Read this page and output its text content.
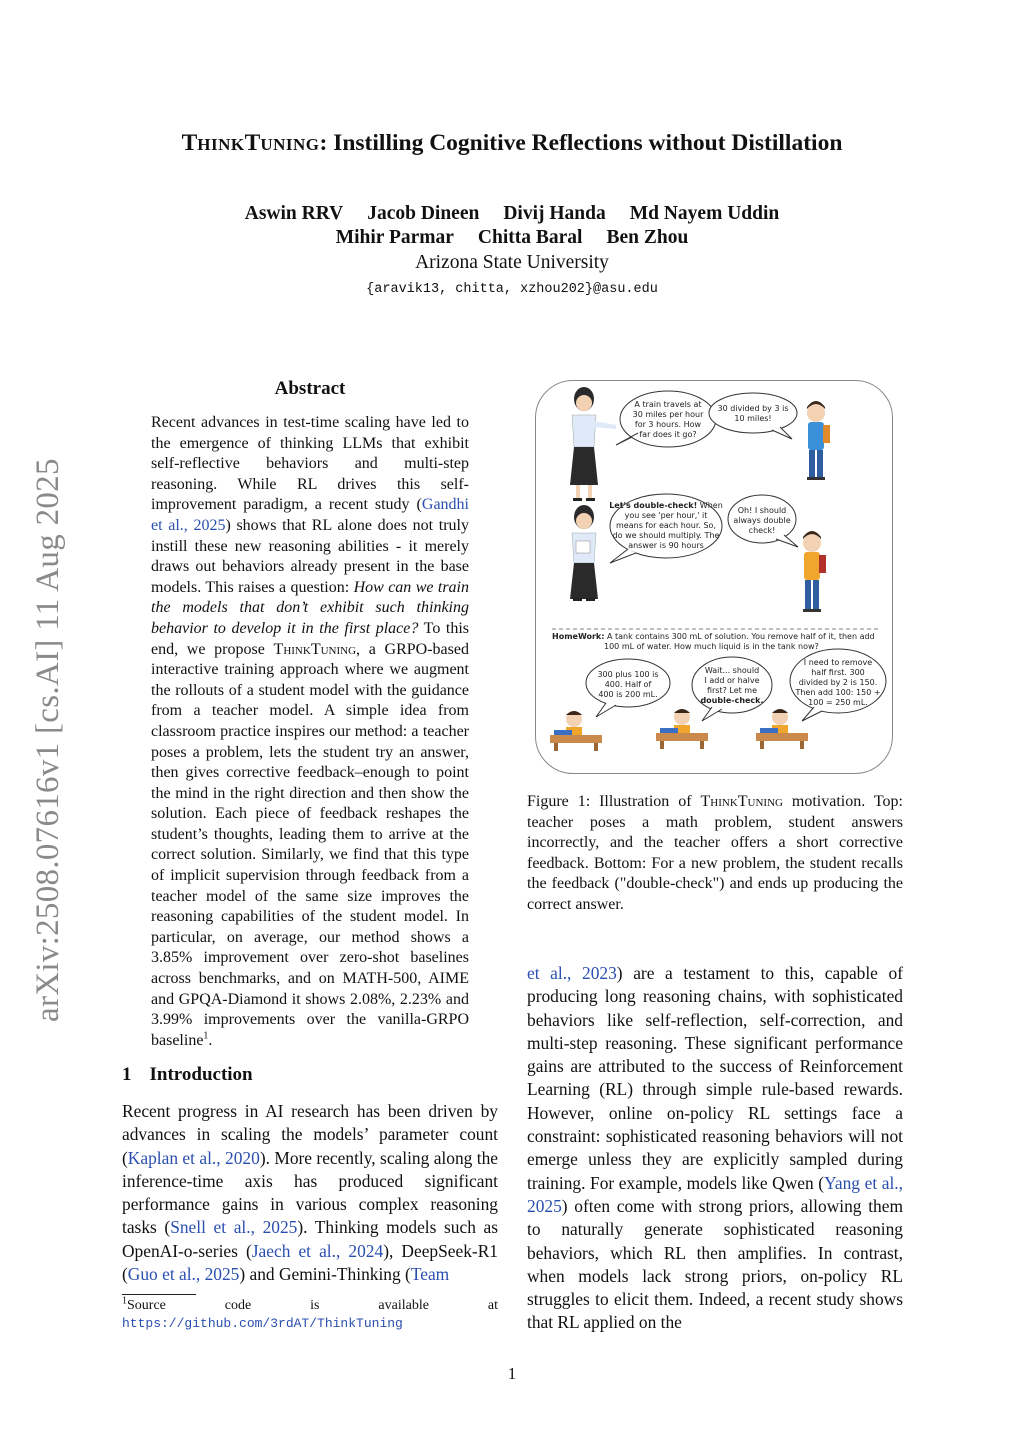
arXiv:2508.07616v1 [cs.AI] 11 Aug 2025
THINKTUNING: Instilling Cognitive Reflections without Distillation
Aswin RRV Jacob Dineen Divij Handa Md Nayem Uddin
Mihir Parmar Chitta Baral Ben Zhou
Arizona State University
{aravik13, chitta, xzhou202}@asu.edu
Abstract
Recent advances in test-time scaling have led to the emergence of thinking LLMs that exhibit self-reflective behaviors and multi-step reasoning. While RL drives this self-improvement paradigm, a recent study (Gandhi et al., 2025) shows that RL alone does not truly instill these new reasoning abilities - it merely draws out behaviors already present in the base models. This raises a question: How can we train the models that don’t exhibit such thinking behavior to develop it in the first place? To this end, we propose ThinkTuning, a GRPO-based interactive training approach where we augment the rollouts of a student model with the guidance from a teacher model. A simple idea from classroom practice inspires our method: a teacher poses a problem, lets the student try an answer, then gives corrective feedback–enough to point the mind in the right direction and then show the solution. Each piece of feedback reshapes the student’s thoughts, leading them to arrive at the correct solution. Similarly, we find that this type of implicit supervision through feedback from a teacher model of the same size improves the reasoning capabilities of the student model. In particular, on average, our method shows a 3.85% improvement over zero-shot baselines across benchmarks, and on MATH-500, AIME and GPQA-Diamond it shows 2.08%, 2.23% and 3.99% improvements over the vanilla-GRPO baseline$^1$.
1 Introduction
Recent progress in AI research has been driven by advances in scaling the models’ parameter count (Kaplan et al., 2020). More recently, scaling along the inference-time axis has produced significant performance gains in various complex reasoning tasks (Snell et al., 2025). Thinking models such as OpenAI-o-series (Jaech et al., 2024), DeepSeek-R1 (Guo et al., 2025) and Gemini-Thinking (Team
$^1$Source code is available at https://github.com/3rdAT/ThinkTuning
A train travels at 30 miles per hour for 3 hours. How far does it go?
30 divided by 3 is 10 miles!
Let's double-check! When you see 'per hour,' it means for each hour. So, do we should multiply. The answer is 90 hours
Oh! I should always double check!
HomeWork: A tank contains 300 mL of solution. You remove half of it, then add 100 mL of water. How much liquid is in the tank now?
300 plus 100 is 400. Half of 400 is 200 mL.
Wait... should I add or halve first? Let me double-check.
I need to remove half first. 300 divided by 2 is 150. Then add 100: 150 + 100 = 250 mL.
Figure 1: Illustration of ThinkTuning motivation. Top: teacher poses a math problem, student answers incorrectly, and the teacher offers a short corrective feedback. Bottom: For a new problem, the student recalls the feedback ("double-check") and ends up producing the correct answer.
et al., 2023) are a testament to this, capable of producing long reasoning chains, with sophisticated behaviors like self-reflection, self-correction, and multi-step reasoning. These significant performance gains are attributed to the success of Reinforcement Learning (RL) through simple rule-based rewards. However, online on-policy RL settings face a constraint: sophisticated reasoning behaviors will not emerge unless they are explicitly sampled during training. For example, models like Qwen (Yang et al., 2025) often come with strong priors, allowing them to naturally generate sophisticated reasoning behaviors, which RL then amplifies. In contrast, when models lack strong priors, on-policy RL struggles to elicit them. Indeed, a recent study shows that RL applied on the
1
